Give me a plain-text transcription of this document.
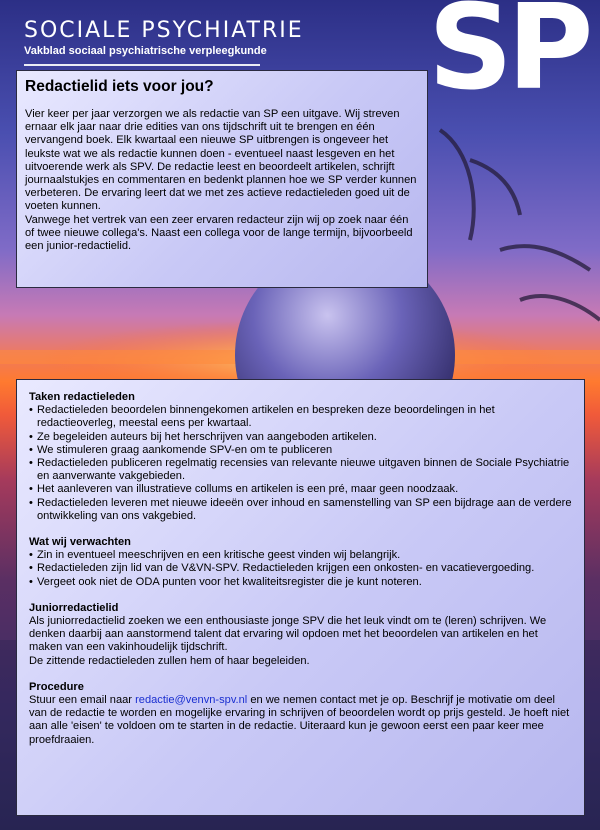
SOCIALE PSYCHIATRIE
Vakblad sociaal psychiatrische verpleegkunde	SP
Redactielid iets voor jou?

Vier keer per jaar verzorgen we als redactie van SP een uitgave. Wij streven ernaar elk jaar naar drie edities van ons tijdschrift uit te brengen en één vervangend boek. Elk kwartaal een nieuwe SP uitbrengen is ongeveer het leukste wat we als redactie kunnen doen - eventueel naast lesgeven en het uitvoerende werk als SPV. De redactie leest en beoordeelt artikelen, schrijft journaalstukjes en commentaren en bedenkt plannen hoe we SP verder kunnen verbeteren. De ervaring leert dat we met zes actieve redactieleden goed uit de voeten kunnen.

Vanwege het vertrek van een zeer ervaren redacteur zijn wij op zoek naar één of twee nieuwe collega's. Naast een collega voor de lange termijn, bijvoorbeeld een junior-redactielid.

Taken redactieleden
• Redactieleden beoordelen binnengekomen artikelen en bespreken deze beoordelingen in het redactieoverleg, meestal eens per kwartaal.
• Ze begeleiden auteurs bij het herschrijven van aangeboden artikelen.
• We stimuleren graag aankomende SPV-en om te publiceren
• Redactieleden publiceren regelmatig recensies van relevante nieuwe uitgaven binnen de Sociale Psychiatrie en aanverwante vakgebieden.
• Het aanleveren van illustratieve collums en artikelen is een pré, maar geen noodzaak.
• Redactieleden leveren met nieuwe ideeën over inhoud en samenstelling van SP een bijdrage aan de verdere ontwikkeling van ons vakgebied.
Wat wij verwachten
• Zin in eventueel meeschrijven en een kritische geest vinden wij belangrijk.
• Redactieleden zijn lid van de V&VN-SPV. Redactieleden krijgen een onkosten- en vacatievergoeding.
• Vergeet ook niet de ODA punten voor het kwaliteitsregister die je kunt noteren.
Juniorredactielid

Als juniorredactielid zoeken we een enthousiaste jonge SPV die het leuk vindt om te (leren) schrijven. We denken daarbij aan aanstormend talent dat ervaring wil opdoen met het beoordelen van artikelen en het maken van een vakinhoudelijk tijdschrift.

De zittende redactieleden zullen hem of haar begeleiden.

Procedure

Stuur een email naar redactie@venvn-spv.nl en we nemen contact met je op. Beschrijf je motivatie om deel van de redactie te worden en mogelijke ervaring in schrijven of beoordelen wordt op prijs gesteld. Je hoeft niet aan alle 'eisen' te voldoen om te starten in de redactie. Uiteraard kun je gewoon eerst een paar keer mee proefdraaien.
